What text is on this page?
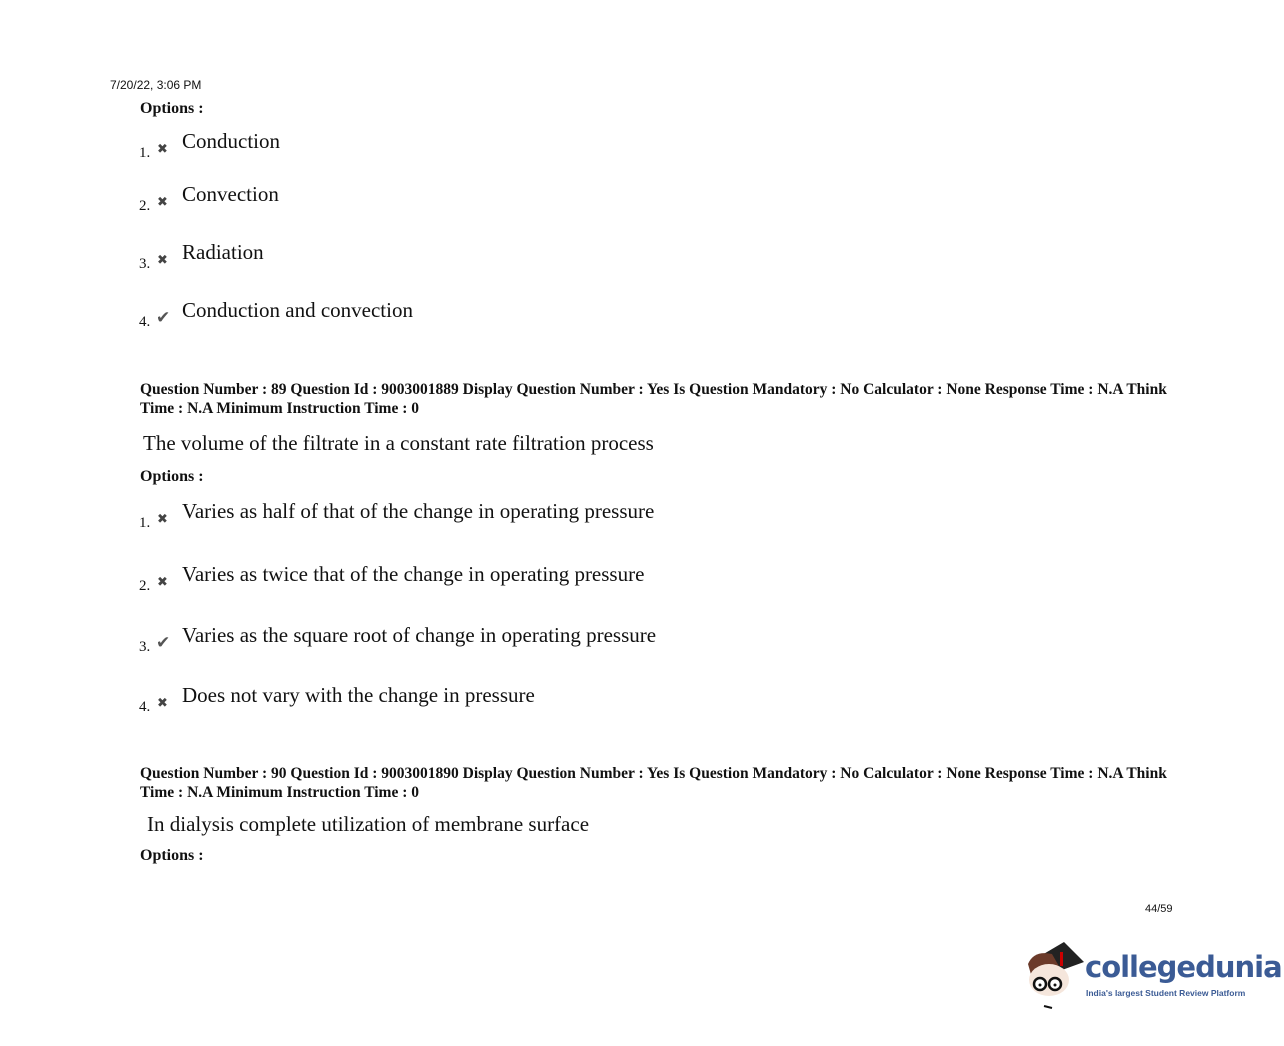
7/20/22, 3:06 PM
Options :
1. ✖ Conduction
2. ✖ Convection
3. ✖ Radiation
4. ✔ Conduction and convection
Question Number : 89 Question Id : 9003001889 Display Question Number : Yes Is Question Mandatory : No Calculator : None Response Time : N.A Think Time : N.A Minimum Instruction Time : 0
The volume of the filtrate in a constant rate filtration process
Options :
1. ✖ Varies as half of that of the change in operating pressure
2. ✖ Varies as twice that of the change in operating pressure
3. ✔ Varies as the square root of change in operating pressure
4. ✖ Does not vary with the change in pressure
Question Number : 90 Question Id : 9003001890 Display Question Number : Yes Is Question Mandatory : No Calculator : None Response Time : N.A Think Time : N.A Minimum Instruction Time : 0
In dialysis complete utilization of membrane surface
Options :
44/59
collegedunia
India's largest Student Review Platform
